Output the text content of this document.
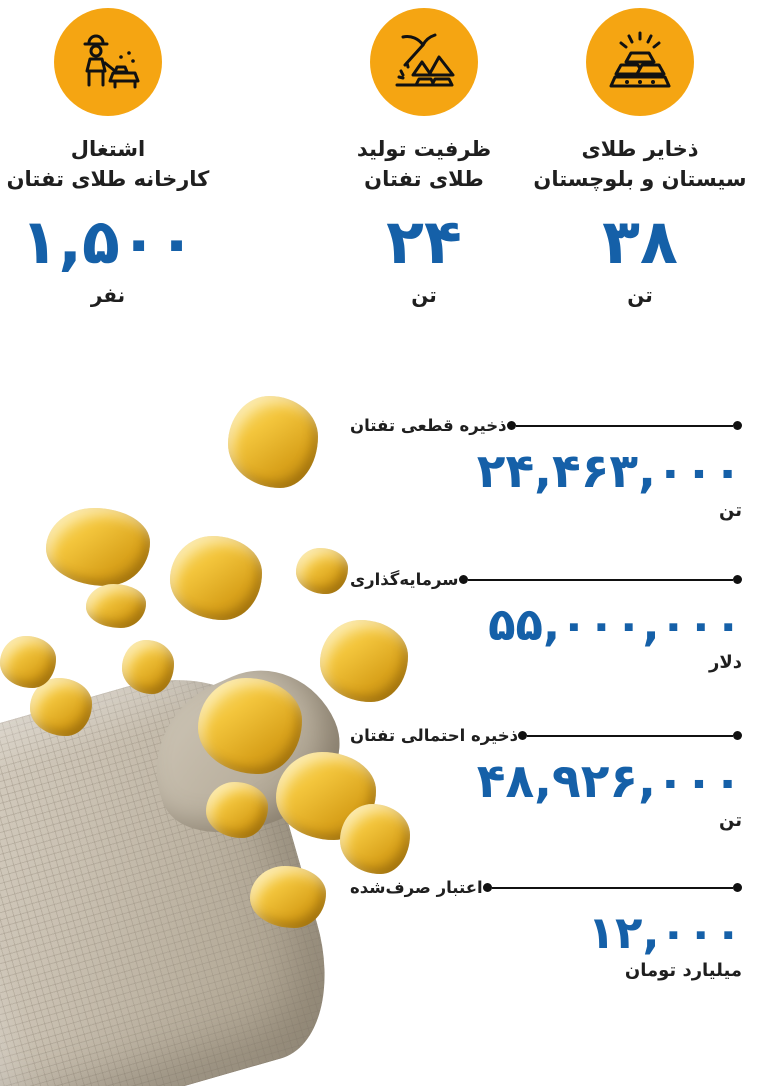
ذخایر طلای
سیستان و بلوچستان
۳۸
تن
ظرفیت تولید
طلای تفتان
۲۴
تن
اشتغال
کارخانه طلای تفتان
۱,۵۰۰
نفر
ذخیره قطعی تفتان
۲۴,۴۶۳,۰۰۰
تن
سرمایه‌گذاری
۵۵,۰۰۰,۰۰۰
دلار
ذخیره احتمالی تفتان
۴۸,۹۲۶,۰۰۰
تن
اعتبار صرف‌شده
۱۲,۰۰۰
میلیارد تومان
